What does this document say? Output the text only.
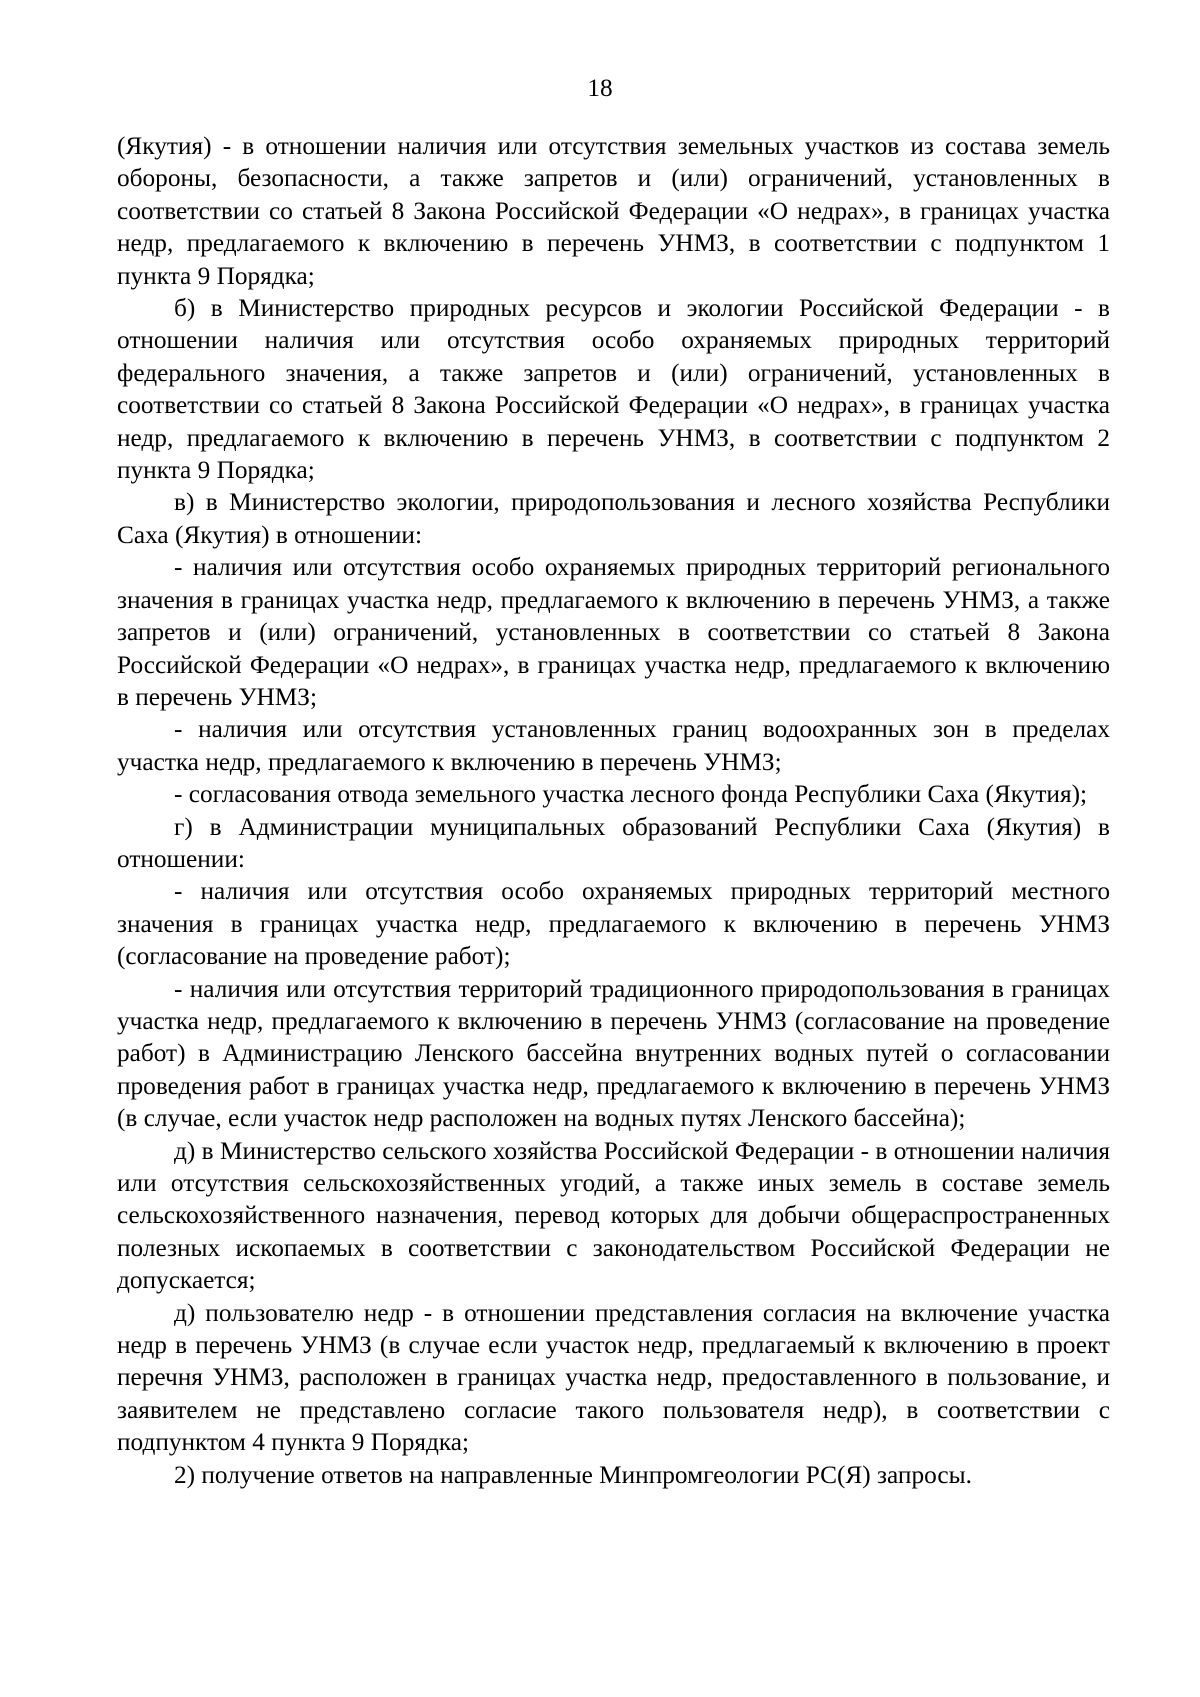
18

(Якутия) - в отношении наличия или отсутствия земельных участков из состава земель обороны, безопасности, а также запретов и (или) ограничений, установленных в соответствии со статьей 8 Закона Российской Федерации «О недрах», в границах участка недр, предлагаемого к включению в перечень УНМЗ, в соответствии с подпунктом 1 пункта 9 Порядка;

б) в Министерство природных ресурсов и экологии Российской Федерации - в отношении наличия или отсутствия особо охраняемых природных территорий федерального значения, а также запретов и (или) ограничений, установленных в соответствии со статьей 8 Закона Российской Федерации «О недрах», в границах участка недр, предлагаемого к включению в перечень УНМЗ, в соответствии с подпунктом 2 пункта 9 Порядка;

в) в Министерство экологии, природопользования и лесного хозяйства Республики Саха (Якутия) в отношении:

- наличия или отсутствия особо охраняемых природных территорий регионального значения в границах участка недр, предлагаемого к включению в перечень УНМЗ, а также запретов и (или) ограничений, установленных в соответствии со статьей 8 Закона Российской Федерации «О недрах», в границах участка недр, предлагаемого к включению в перечень УНМЗ;

- наличия или отсутствия установленных границ водоохранных зон в пределах участка недр, предлагаемого к включению в перечень УНМЗ;

- согласования отвода земельного участка лесного фонда Республики Саха (Якутия);

г) в Администрации муниципальных образований Республики Саха (Якутия) в отношении:

- наличия или отсутствия особо охраняемых природных территорий местного значения в границах участка недр, предлагаемого к включению в перечень УНМЗ (согласование на проведение работ);

- наличия или отсутствия территорий традиционного природопользования в границах участка недр, предлагаемого к включению в перечень УНМЗ (согласование на проведение работ) в Администрацию Ленского бассейна внутренних водных путей о согласовании проведения работ в границах участка недр, предлагаемого к включению в перечень УНМЗ (в случае, если участок недр расположен на водных путях Ленского бассейна);

д) в Министерство сельского хозяйства Российской Федерации - в отношении наличия или отсутствия сельскохозяйственных угодий, а также иных земель в составе земель сельскохозяйственного назначения, перевод которых для добычи общераспространенных полезных ископаемых в соответствии с законодательством Российской Федерации не допускается;

д) пользователю недр - в отношении представления согласия на включение участка недр в перечень УНМЗ (в случае если участок недр, предлагаемый к включению в проект перечня УНМЗ, расположен в границах участка недр, предоставленного в пользование, и заявителем не представлено согласие такого пользователя недр), в соответствии с подпунктом 4 пункта 9 Порядка;

2) получение ответов на направленные Минпромгеологии РС(Я) запросы.
